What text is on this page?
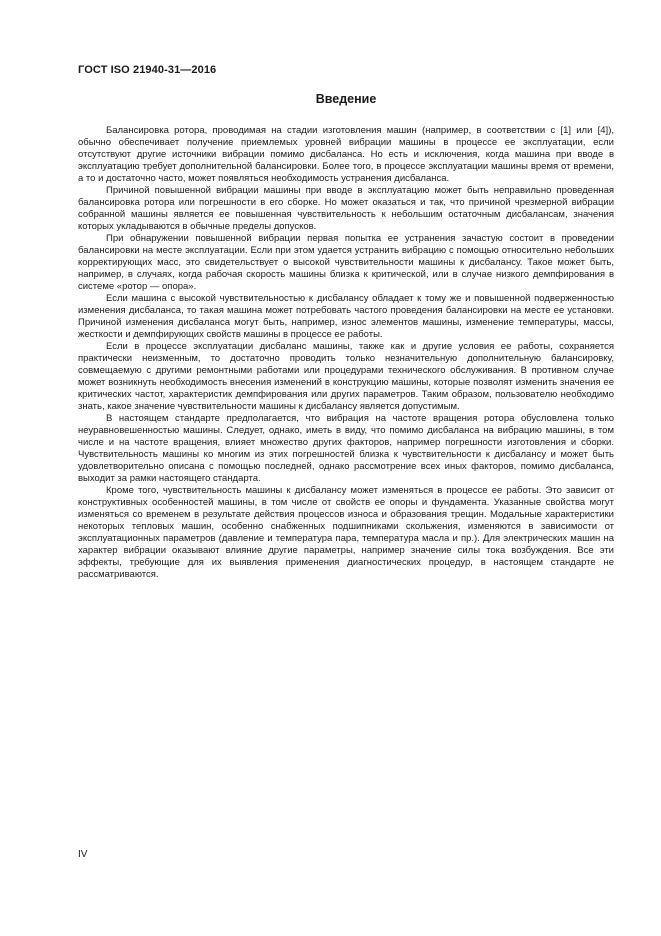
ГОСТ ISO 21940-31—2016

Введение

Балансировка ротора, проводимая на стадии изготовления машин (например, в соответствии с [1] или [4]), обычно обеспечивает получение приемлемых уровней вибрации машины в процессе ее эксплуатации, если отсутствуют другие источники вибрации помимо дисбаланса. Но есть и исключения, когда машина при вводе в эксплуатацию требует дополнительной балансировки. Более того, в процессе эксплуатации машины время от времени, а то и достаточно часто, может появляться необходимость устранения дисбаланса.

Причиной повышенной вибрации машины при вводе в эксплуатацию может быть неправильно проведенная балансировка ротора или погрешности в его сборке. Но может оказаться и так, что причиной чрезмерной вибрации собранной машины является ее повышенная чувствительность к небольшим остаточным дисбалансам, значения которых укладываются в обычные пределы допусков.

При обнаружении повышенной вибрации первая попытка ее устранения зачастую состоит в проведении балансировки на месте эксплуатации. Если при этом удается устранить вибрацию с помощью относительно небольших корректирующих масс, это свидетельствует о высокой чувствительности машины к дисбалансу. Такое может быть, например, в случаях, когда рабочая скорость машины близка к критической, или в случае низкого демпфирования в системе «ротор — опора».

Если машина с высокой чувствительностью к дисбалансу обладает к тому же и повышенной подверженностью изменения дисбаланса, то такая машина может потребовать частого проведения балансировки на месте ее установки. Причиной изменения дисбаланса могут быть, например, износ элементов машины, изменение температуры, массы, жесткости и демпфирующих свойств машины в процессе ее работы.

Если в процессе эксплуатации дисбаланс машины, также как и другие условия ее работы, сохраняется практически неизменным, то достаточно проводить только незначительную дополнительную балансировку, совмещаемую с другими ремонтными работами или процедурами технического обслуживания. В противном случае может возникнуть необходимость внесения изменений в конструкцию машины, которые позволят изменить значения ее критических частот, характеристик демпфирования или других параметров. Таким образом, пользователю необходимо знать, какое значение чувствительности машины к дисбалансу является допустимым.

В настоящем стандарте предполагается, что вибрация на частоте вращения ротора обусловлена только неуравновешенностью машины. Следует, однако, иметь в виду, что помимо дисбаланса на вибрацию машины, в том числе и на частоте вращения, влияет множество других факторов, например погрешности изготовления и сборки. Чувствительность машины ко многим из этих погрешностей близка к чувствительности к дисбалансу и может быть удовлетворительно описана с помощью последней, однако рассмотрение всех иных факторов, помимо дисбаланса, выходит за рамки настоящего стандарта.

Кроме того, чувствительность машины к дисбалансу может изменяться в процессе ее работы. Это зависит от конструктивных особенностей машины, в том числе от свойств ее опоры и фундамента. Указанные свойства могут изменяться со временем в результате действия процессов износа и образования трещин. Модальные характеристики некоторых тепловых машин, особенно снабженных подшипниками скольжения, изменяются в зависимости от эксплуатационных параметров (давление и температура пара, температура масла и пр.). Для электрических машин на характер вибрации оказывают влияние другие параметры, например значение силы тока возбуждения. Все эти эффекты, требующие для их выявления применения диагностических процедур, в настоящем стандарте не рассматриваются.

IV
